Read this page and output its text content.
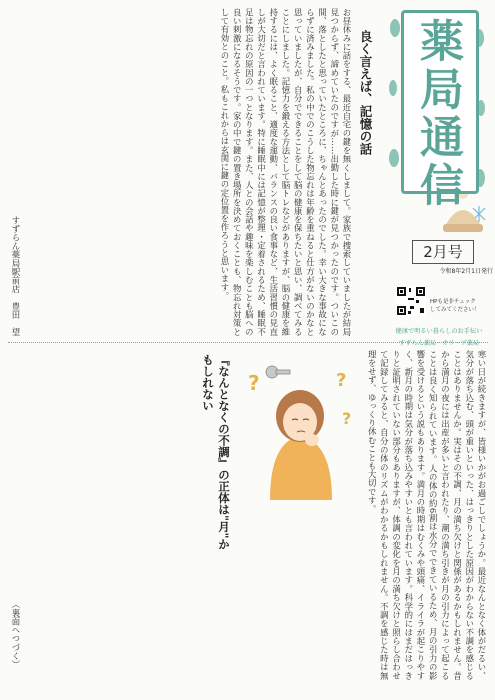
薬局通信
2月号
令和8年2月1日発行
HPも是非チェック
してみてください！
健康で明るい暮らしのお手伝い
すずらん薬局・オリーブ薬局
良く言えば、記憶の話
お昼休みに話をする、最近自宅の鍵を無くしまして。家族で捜索していましたが結局見つからず、諦めていたのですが……出勤した時に鍵が見つかったのです。ついこの間、落としたと思っていたところに、ちゃんとあったのでした。幸い大きな事故にならずに済みました。私の中でのこうした物忘れは年齢を重ねると仕方がないのかなと思っていましたが、自分でできることをして脳の健康を保ちたいと思い、調べてみることにしました。記憶力を鍛える方法として脳トレなどがありますが、脳の健康を維持するには、よく眠ること、適度な運動、バランスの良い食事など、生活習慣の見直しが大切だと言われています。特に睡眠中には記憶が整理・定着されるため、睡眠不足は物忘れの原因の一つとなります。また、人との会話や趣味を楽しむことも脳への良い刺激になるそうです。家の中で鍵の置き場所を決めておくことも、物忘れ対策として有効とのこと。私もこれからは玄関に鍵の定位置を作ろうと思います。
すずらん薬局駅前店　豊田　望
寒い日が続きますが、皆様いかがお過ごしでしょうか。最近なんとなく体がだるい、気分が落ち込む、頭が重いといった、はっきりとした原因がわからない不調を感じることはありませんか。実はその不調、月の満ち欠けと関係があるかもしれません。昔から満月の夜には出産が多いと言われたり、潮の満ち引きが月の引力によって起こることは良く知られています。人の体の約6割は水分でできているため、月の引力の影響を受けるという説もあります。満月の時期はむくみや頭痛、イライラが起こりやすく、新月の時期は気分が落ち込みやすいとも言われています。科学的にはまだはっきりと証明されていない部分もありますが、体調の変化を月の満ち欠けと照らし合わせて記録してみると、自分の体のリズムがわかるかもしれません。不調を感じた時は無理をせず、ゆっくり休むことも大切です。
?	?
?
『なんとなくの不調』の正体は"月"かもしれない
（裏面へつづく）
